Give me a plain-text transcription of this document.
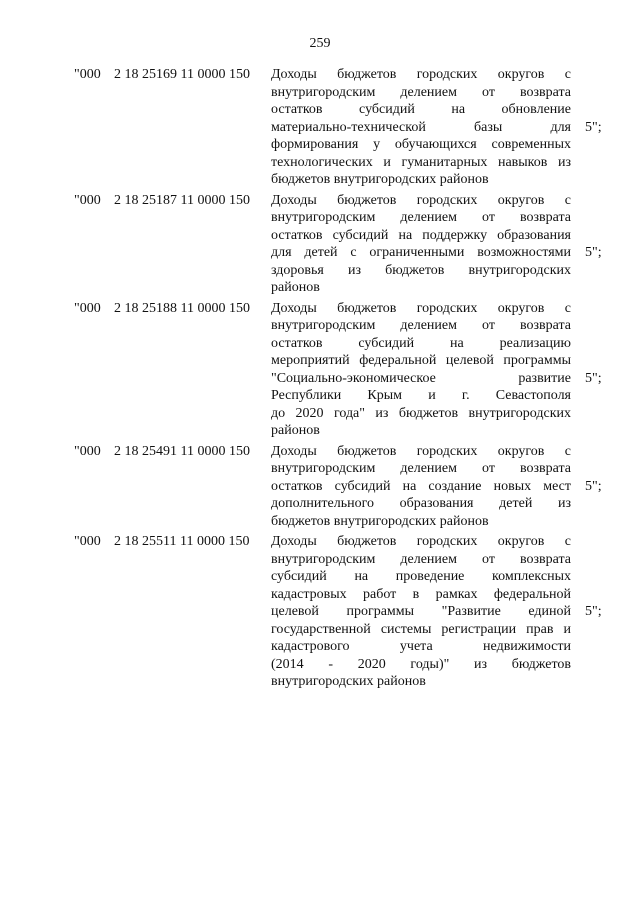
259
"000 2 18 25169 11 0000 150 Доходы бюджетов городских округов с
внутригородским делением от возврата
остатков субсидий на обновление
материально-технической базы для
формирования у обучающихся современных
технологических и гуманитарных навыков из
бюджетов внутригородских районов
5";
"000 2 18 25187 11 0000 150 Доходы бюджетов городских округов с
внутригородским делением от возврата
остатков субсидий на поддержку образования
для детей с ограниченными возможностями
здоровья из бюджетов внутригородских
районов
5";
"000 2 18 25188 11 0000 150 Доходы бюджетов городских округов с
внутригородским делением от возврата
остатков субсидий на реализацию
мероприятий федеральной целевой программы
"Социально-экономическое развитие
Республики Крым и г. Севастополя
до 2020 года" из бюджетов внутригородских
районов
5";
"000 2 18 25491 11 0000 150 Доходы бюджетов городских округов с
внутригородским делением от возврата
остатков субсидий на создание новых мест
дополнительного образования детей из
бюджетов внутригородских районов
5";
"000 2 18 25511 11 0000 150 Доходы бюджетов городских округов с
внутригородским делением от возврата
субсидий на проведение комплексных
кадастровых работ в рамках федеральной
целевой программы "Развитие единой
государственной системы регистрации прав и
кадастрового учета недвижимости
(2014 - 2020 годы)" из бюджетов
внутригородских районов
5";
